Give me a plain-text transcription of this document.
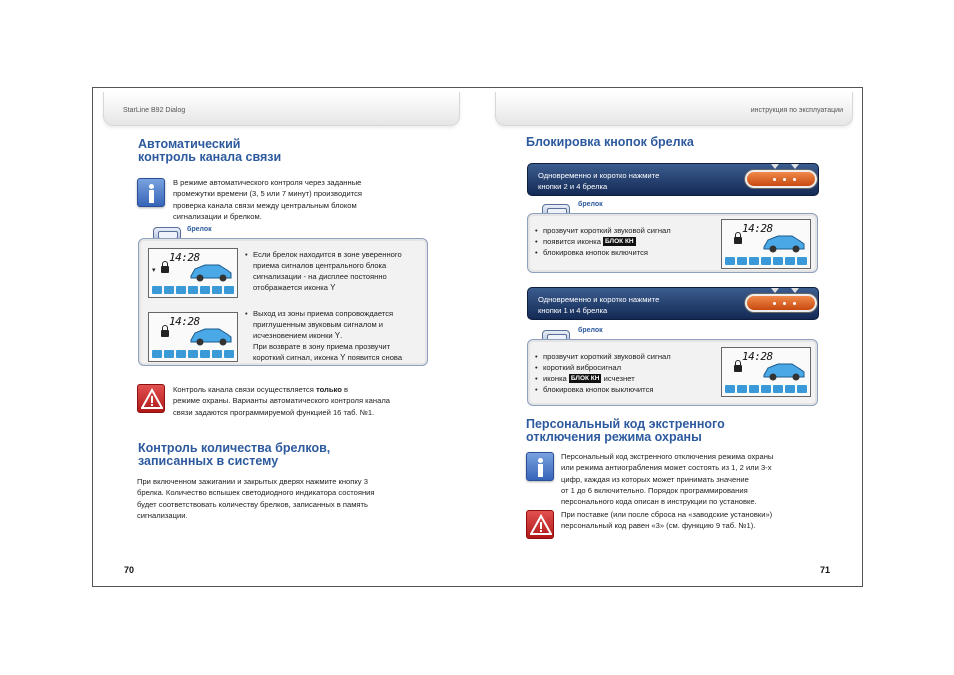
StarLine B92 Dialog
Автоматический
контроль канала связи
В режиме автоматического контроля через заданные
промежутки времени (3, 5 или 7 минут) производится
проверка канала связи между центральным блоком
сигнализации и брелком.
брелок
▾
14:28
14:28
• Если брелок находится в зоне уверенного
приема сигналов центрального блока
сигнализации - на дисплее постоянно
отображается иконка Y
• Выход из зоны приема сопровождается
приглушенным звуковым сигналом и
исчезновением иконки Y.
При возврате в зону приема прозвучит
короткий сигнал, иконка Y появится снова
Контроль канала связи осуществляется только в
режиме охраны. Варианты автоматического контроля канала
связи задаются программируемой функцией 16 таб. №1.
Контроль количества брелков,
записанных в систему
При включенном зажигании и закрытых дверях нажмите кнопку 3
брелка. Количество вспышек светодиодного индикатора состояния
будет соответствовать количеству брелков, записанных в память
сигнализации.
70
инструкция по эксплуатации
Блокировка кнопок брелка
Одновременно и коротко нажмите
кнопки 2 и 4 брелка
брелок
• прозвучит короткий звуковой сигнал
• появится иконка БЛОК КН
• блокировка кнопок включится
14:28
Одновременно и коротко нажмите
кнопки 1 и 4 брелка
брелок
• прозвучит короткий звуковой сигнал
• короткий вибросигнал
• иконка БЛОК КН исчезнет
• блокировка кнопок выключится
14:28
Персональный код экстренного
отключения режима охраны
Персональный код экстренного отключения режима охраны
или режима антиограбления может состоять из 1, 2 или 3-х
цифр, каждая из которых может принимать значение
от 1 до 6 включительно. Порядок программирования
персонального кода описан в инструкции по установке.
При поставке (или после сброса на «заводские установки»)
персональный код равен «3» (см. функцию 9 таб. №1).
71
